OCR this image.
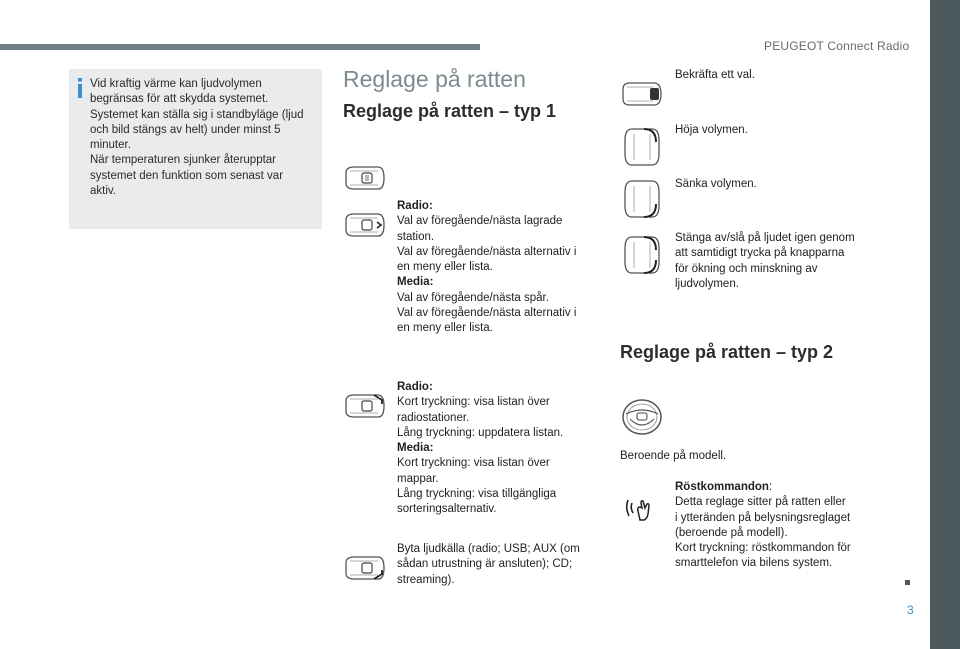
PEUGEOT Connect Radio
3

Vid kraftig värme kan ljudvolymen

begränsas för att skydda systemet.

Systemet kan ställa sig i standbyläge (ljud

och bild stängs av helt) under minst 5

minuter.

När temperaturen sjunker återupptar

systemet den funktion som senast var

aktiv.

Reglage på ratten
Reglage på ratten – typ 1

Radio:

Val av föregående/nästa lagrade

station.

Val av föregående/nästa alternativ i

en meny eller lista.

Media:

Val av föregående/nästa spår.

Val av föregående/nästa alternativ i

en meny eller lista.

Radio:

Kort tryckning: visa listan över

radiostationer.

Lång tryckning: uppdatera listan.

Media:

Kort tryckning: visa listan över

mappar.

Lång tryckning: visa tillgängliga

sorteringsalternativ.

Byta ljudkälla (radio; USB; AUX (om

sådan utrustning är ansluten); CD;

streaming).

Bekräfta ett val.

Höja volymen.

Sänka volymen.

Stänga av/slå på ljudet igen genom

att samtidigt trycka på knapparna

för ökning och minskning av

ljudvolymen.

Reglage på ratten – typ 2

Beroende på modell.

Röstkommandon:

Detta reglage sitter på ratten eller

i ytteränden på belysningsreglaget

(beroende på modell).

Kort tryckning: röstkommandon för

smarttelefon via bilens system.
